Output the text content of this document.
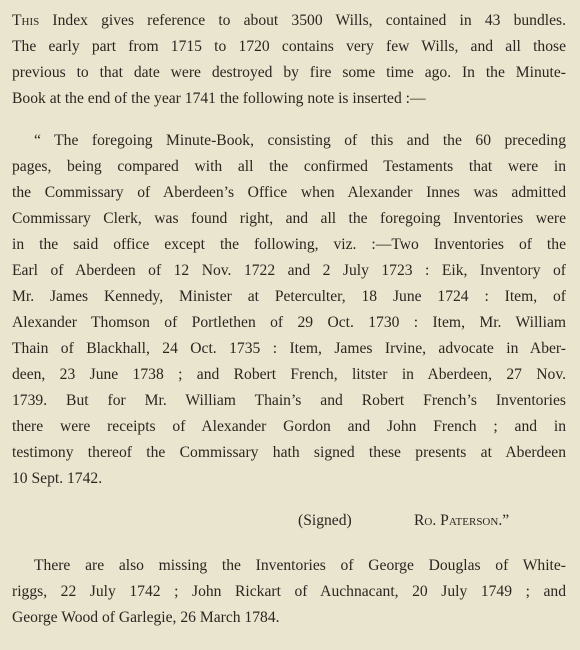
This Index gives reference to about 3500 Wills, contained in 43 bundles.
The early part from 1715 to 1720 contains very few Wills, and all those
previous to that date were destroyed by fire some time ago. In the Minute-
Book at the end of the year 1741 the following note is inserted :—
“ The foregoing Minute-Book, consisting of this and the 60 preceding
pages, being compared with all the confirmed Testaments that were in
the Commissary of Aberdeen’s Office when Alexander Innes was admitted
Commissary Clerk, was found right, and all the foregoing Inventories were
in the said office except the following, viz. :—Two Inventories of the
Earl of Aberdeen of 12 Nov. 1722 and 2 July 1723 : Eik, Inventory of
Mr. James Kennedy, Minister at Peterculter, 18 June 1724 : Item, of
Alexander Thomson of Portlethen of 29 Oct. 1730 : Item, Mr. William
Thain of Blackhall, 24 Oct. 1735 : Item, James Irvine, advocate in Aber-
deen, 23 June 1738 ; and Robert French, litster in Aberdeen, 27 Nov.
1739. But for Mr. William Thain’s and Robert French’s Inventories
there were receipts of Alexander Gordon and John French ; and in
testimony thereof the Commissary hath signed these presents at Aberdeen
10 Sept. 1742.
(Signed)	Ro. Paterson.”
There are also missing the Inventories of George Douglas of White-
riggs, 22 July 1742 ; John Rickart of Auchnacant, 20 July 1749 ; and
George Wood of Garlegie, 26 March 1784.
